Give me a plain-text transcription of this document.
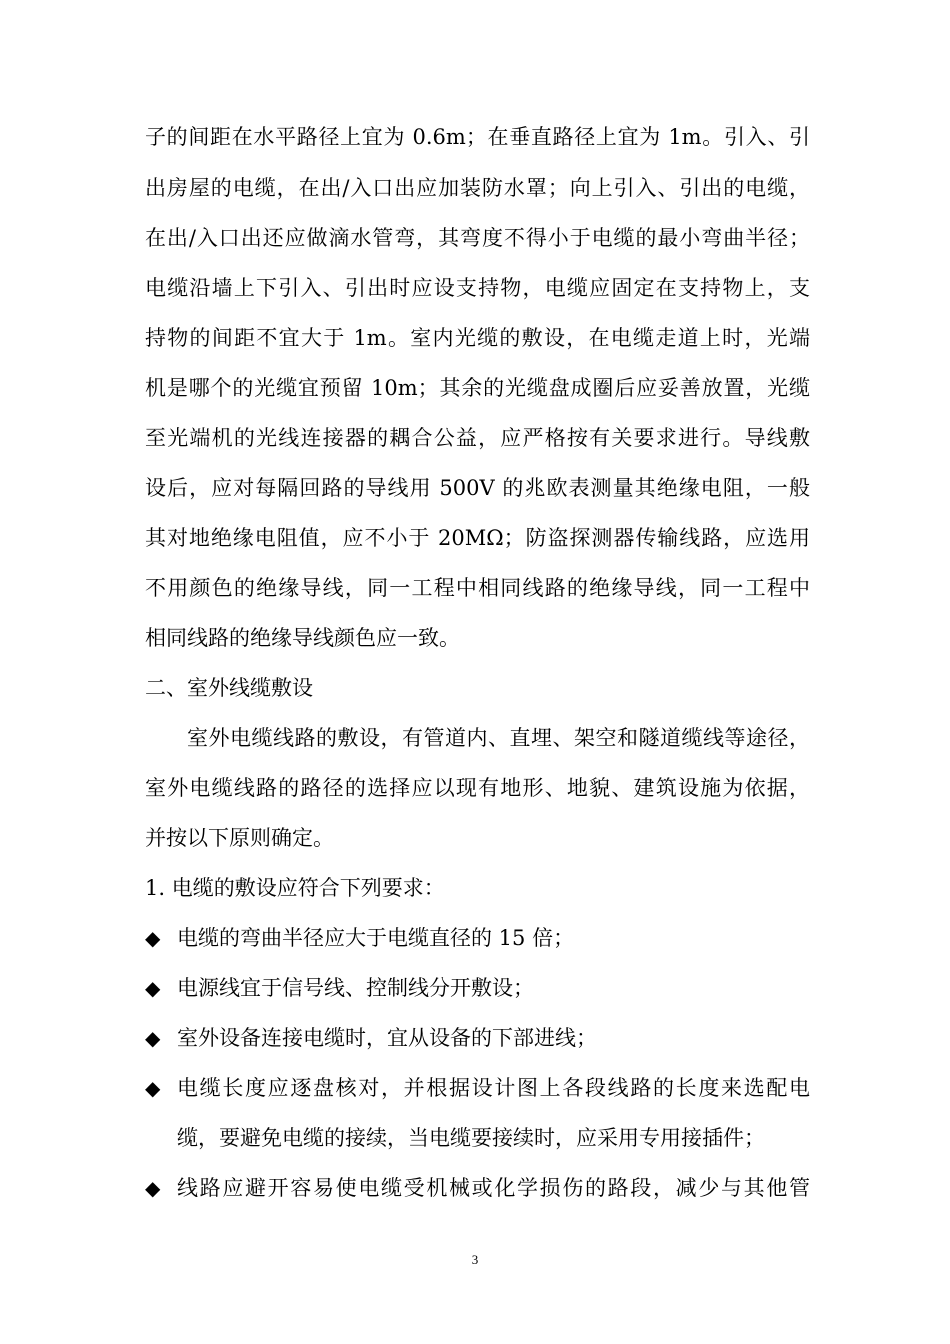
子的间距在水平路径上宜为 0.6m；在垂直路径上宜为 1m。引入、引
出房屋的电缆，在出/入口出应加装防水罩；向上引入、引出的电缆，
在出/入口出还应做滴水管弯，其弯度不得小于电缆的最小弯曲半径；
电缆沿墙上下引入、引出时应设支持物，电缆应固定在支持物上，支
持物的间距不宜大于 1m。室内光缆的敷设，在电缆走道上时，光端
机是哪个的光缆宜预留 10m；其余的光缆盘成圈后应妥善放置，光缆
至光端机的光线连接器的耦合公益，应严格按有关要求进行。导线敷
设后，应对每隔回路的导线用 500V 的兆欧表测量其绝缘电阻，一般
其对地绝缘电阻值，应不小于 20MΩ；防盗探测器传输线路，应选用
不用颜色的绝缘导线，同一工程中相同线路的绝缘导线，同一工程中
相同线路的绝缘导线颜色应一致。
二、室外线缆敷设
室外电缆线路的敷设，有管道内、直埋、架空和隧道缆线等途径，
室外电缆线路的路径的选择应以现有地形、地貌、建筑设施为依据，
并按以下原则确定。
1. 电缆的敷设应符合下列要求：
◆ 电缆的弯曲半径应大于电缆直径的 15 倍；
◆ 电源线宜于信号线、控制线分开敷设；
◆ 室外设备连接电缆时，宜从设备的下部进线；
◆ 电缆长度应逐盘核对，并根据设计图上各段线路的长度来选配电
缆，要避免电缆的接续，当电缆要接续时，应采用专用接插件；
◆ 线路应避开容易使电缆受机械或化学损伤的路段，减少与其他管
3
